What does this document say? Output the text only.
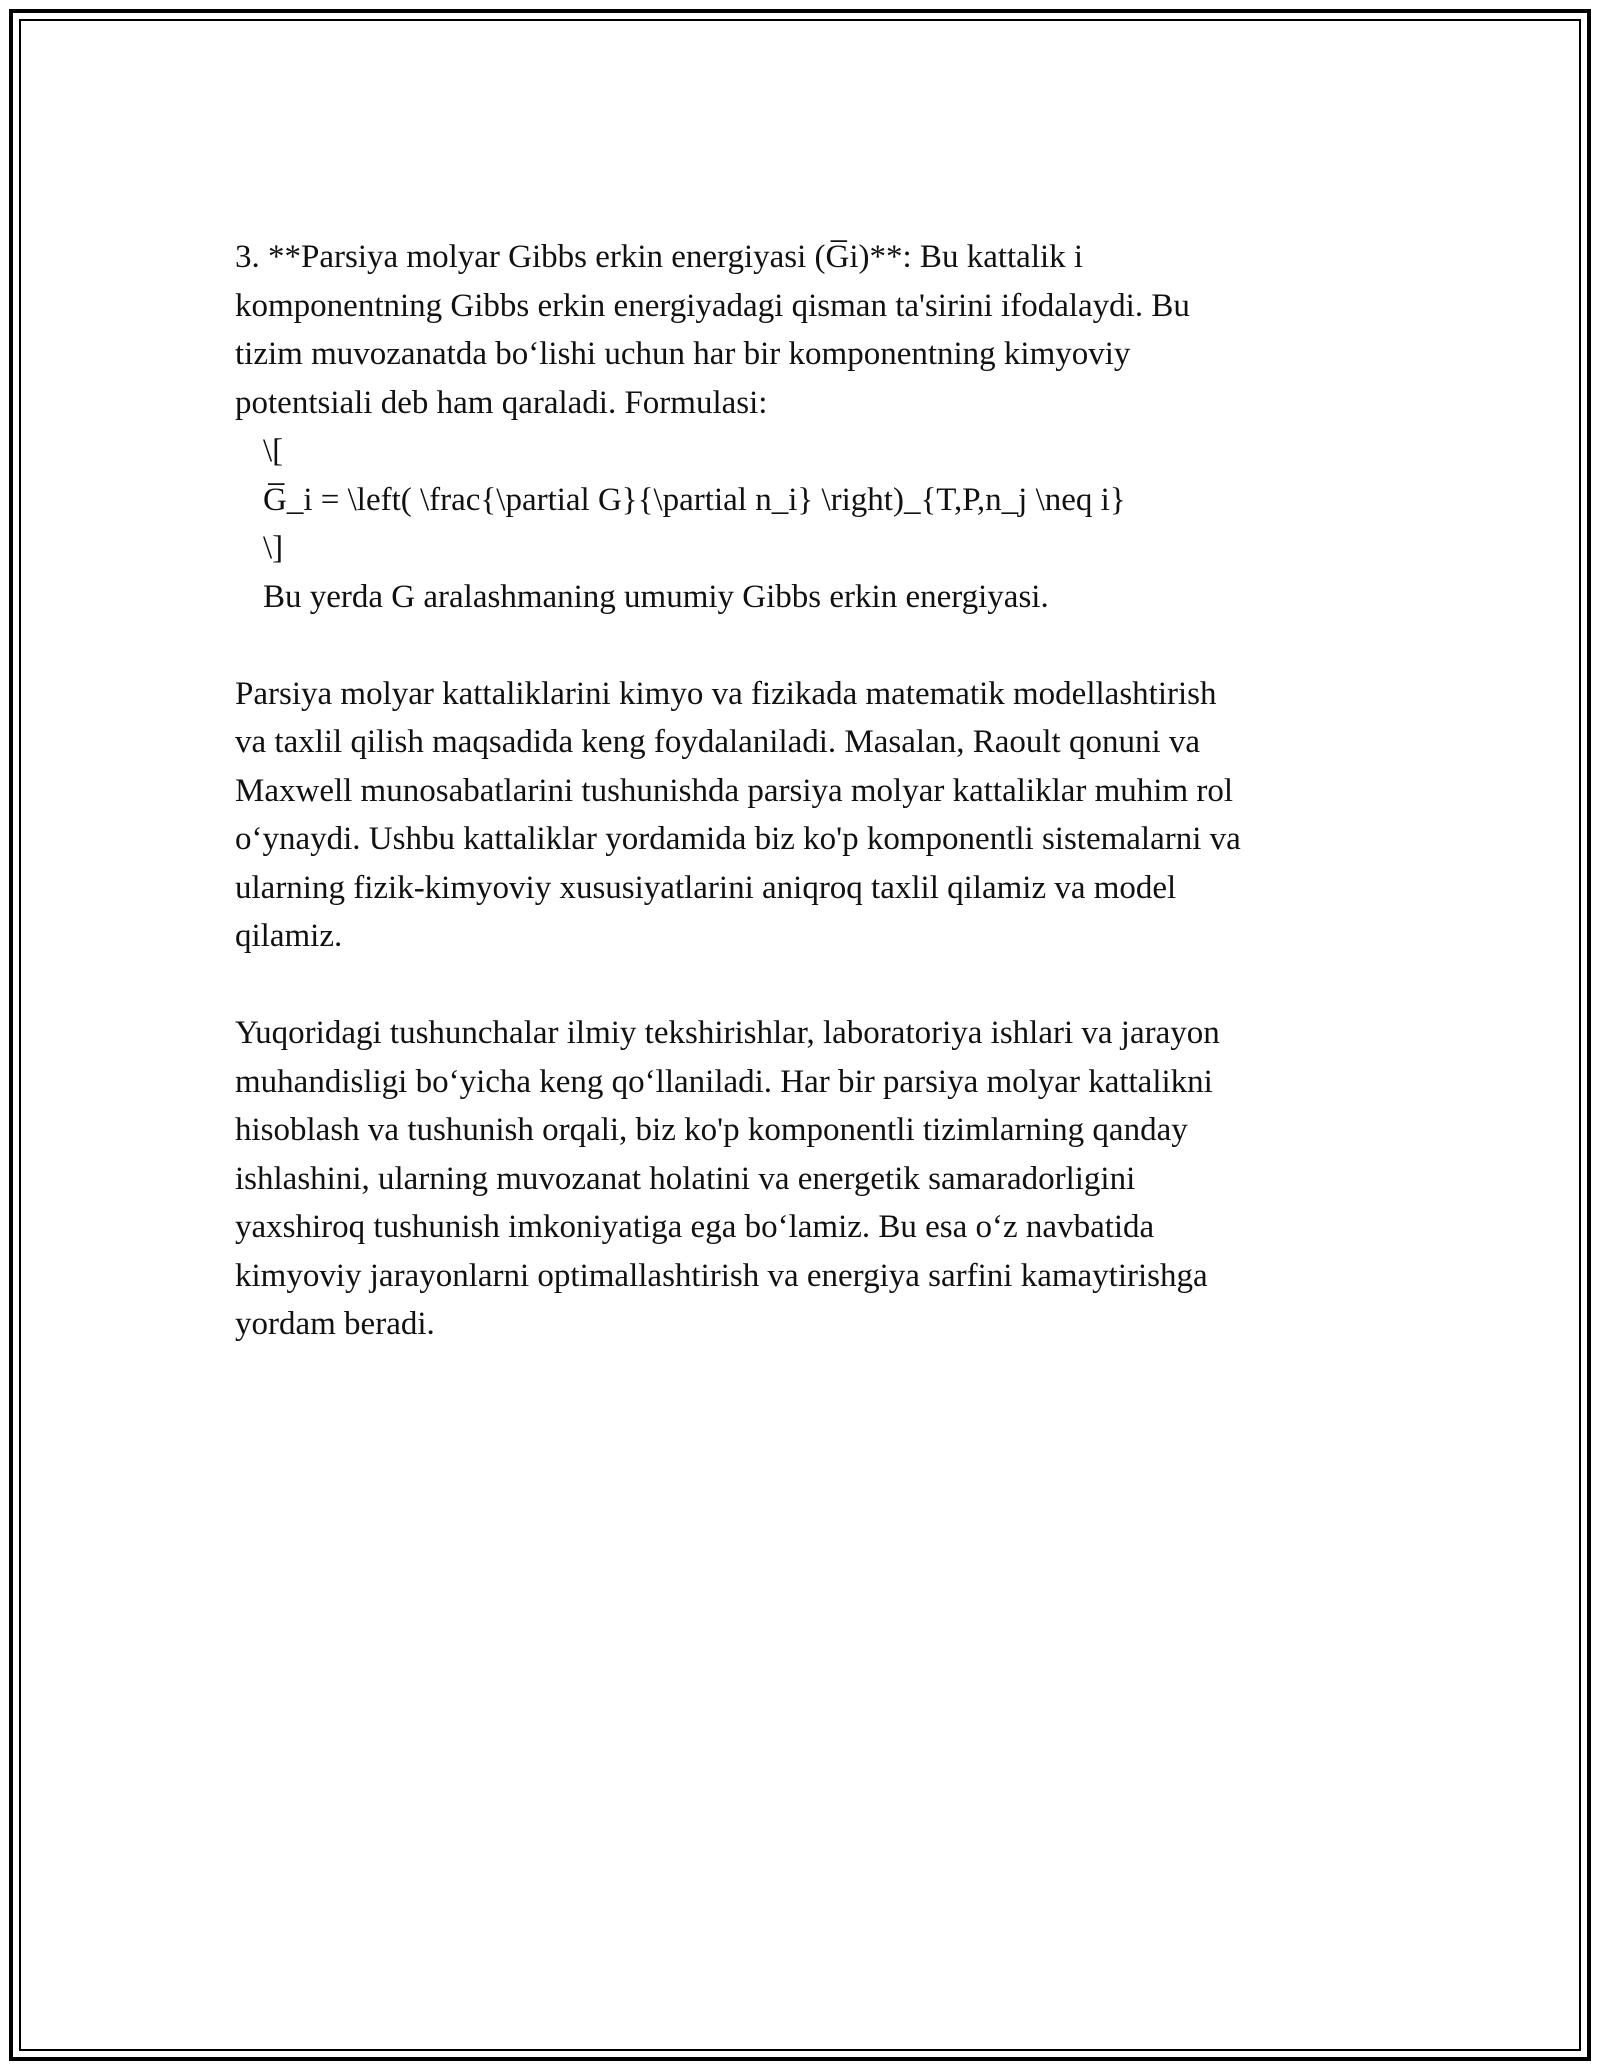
3. **Parsiya molyar Gibbs erkin energiyasi (G̅i)**: Bu kattalik i
komponentning Gibbs erkin energiyadagi qisman ta'sirini ifodalaydi. Bu
tizim muvozanatda bo‘lishi uchun har bir komponentning kimyoviy
potentsiali deb ham qaraladi. Formulasi:
\[
G̅_i = \left( \frac{\partial G}{\partial n_i} \right)_{T,P,n_j \neq i}
\]
Bu yerda G aralashmaning umumiy Gibbs erkin energiyasi.
Parsiya molyar kattaliklarini kimyo va fizikada matematik modellashtirish
va taxlil qilish maqsadida keng foydalaniladi. Masalan, Raoult qonuni va
Maxwell munosabatlarini tushunishda parsiya molyar kattaliklar muhim rol
o‘ynaydi. Ushbu kattaliklar yordamida biz ko'p komponentli sistemalarni va
ularning fizik-kimyoviy xususiyatlarini aniqroq taxlil qilamiz va model
qilamiz.
Yuqoridagi tushunchalar ilmiy tekshirishlar, laboratoriya ishlari va jarayon
muhandisligi bo‘yicha keng qo‘llaniladi. Har bir parsiya molyar kattalikni
hisoblash va tushunish orqali, biz ko'p komponentli tizimlarning qanday
ishlashini, ularning muvozanat holatini va energetik samaradorligini
yaxshiroq tushunish imkoniyatiga ega bo‘lamiz. Bu esa o‘z navbatida
kimyoviy jarayonlarni optimallashtirish va energiya sarfini kamaytirishga
yordam beradi.
